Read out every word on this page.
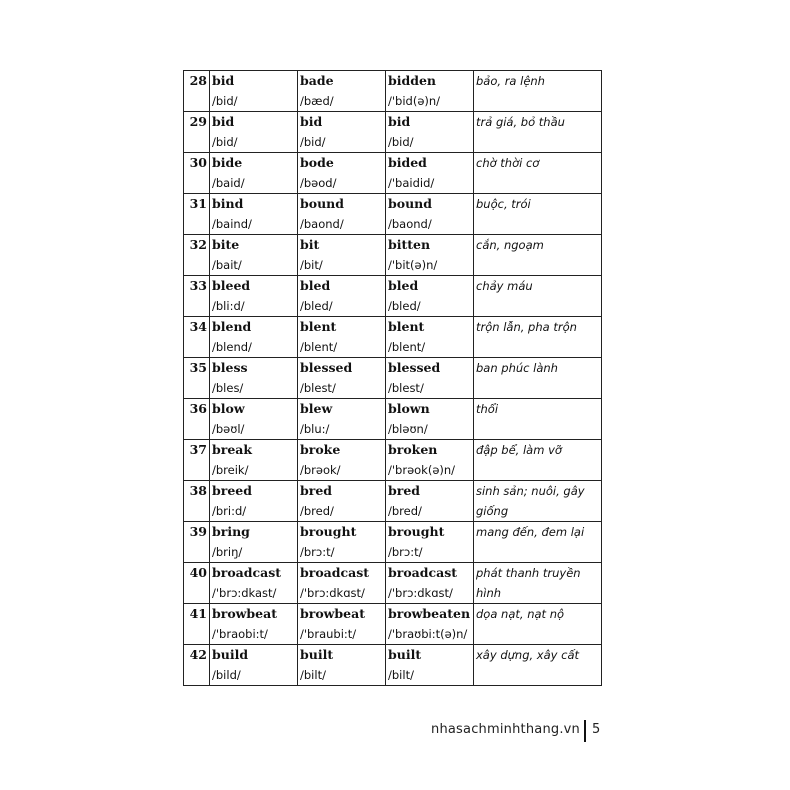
28	bid	bade	bidden	bảo, ra lệnh
	/bid/	/bæd/	/'bid(ə)n/	
29	bid	bid	bid	trả giá, bỏ thầu
	/bid/	/bid/	/bid/	
30	bide	bode	bided	chờ thời cơ
	/baid/	/bəod/	/'baidid/	
31	bind	bound	bound	buộc, trói
	/baind/	/baond/	/baond/	
32	bite	bit	bitten	cắn, ngoạm
	/bait/	/bit/	/'bit(ə)n/	
33	bleed	bled	bled	chảy máu
	/bli:d/	/bled/	/bled/	
34	blend	blent	blent	trộn lẫn, pha trộn
	/blend/	/blent/	/blent/	
35	bless	blessed	blessed	ban phúc lành
	/bles/	/blest/	/blest/	
36	blow	blew	blown	thổi
	/bəʊl/	/blu:/	/bləʊn/	
37	break	broke	broken	đập bể, làm vỡ
	/breik/	/brəok/	/'brəok(ə)n/	
38	breed	bred	bred	sinh sản; nuôi, gây
	/bri:d/	/bred/	/bred/	giống
39	bring	brought	brought	mang đến, đem lại
	/briŋ/	/brɔ:t/	/brɔ:t/	
40	broadcast	broadcast	broadcast	phát thanh truyền
	/'brɔ:dkast/	/'brɔ:dkɑst/	/'brɔ:dkɑst/	hình
41	browbeat	browbeat	browbeaten	dọa nạt, nạt nộ
	/'braobi:t/	/'braubi:t/	/'braʊbi:t(ə)n/	
42	build	built	built	xây dựng, xây cất
	/bild/	/bilt/	/bilt/	
nhasachminhthang.vn 5
